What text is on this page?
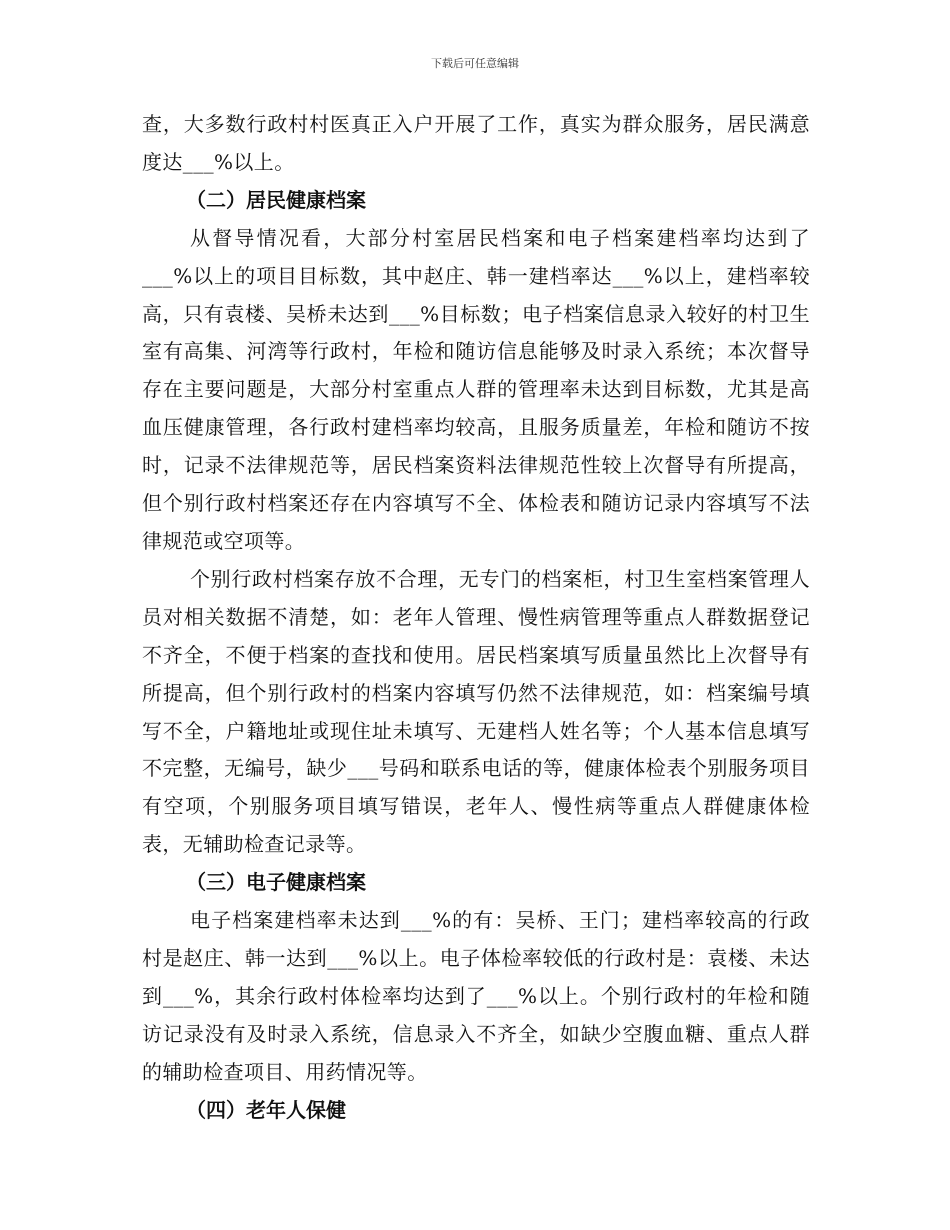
下载后可任意编辑

查，大多数行政村村医真正入户开展了工作，真实为群众服务，居民满意度达___%以上。

（二）居民健康档案

从督导情况看，大部分村室居民档案和电子档案建档率均达到了___%以上的项目目标数，其中赵庄、韩一建档率达___%以上，建档率较高，只有袁楼、吴桥未达到___%目标数；电子档案信息录入较好的村卫生室有高集、河湾等行政村，年检和随访信息能够及时录入系统；本次督导存在主要问题是，大部分村室重点人群的管理率未达到目标数，尤其是高血压健康管理，各行政村建档率均较高，且服务质量差，年检和随访不按时，记录不法律规范等，居民档案资料法律规范性较上次督导有所提高，但个别行政村档案还存在内容填写不全、体检表和随访记录内容填写不法律规范或空项等。

个别行政村档案存放不合理，无专门的档案柜，村卫生室档案管理人员对相关数据不清楚，如：老年人管理、慢性病管理等重点人群数据登记不齐全，不便于档案的查找和使用。居民档案填写质量虽然比上次督导有所提高，但个别行政村的档案内容填写仍然不法律规范，如：档案编号填写不全，户籍地址或现住址未填写、无建档人姓名等；个人基本信息填写不完整，无编号，缺少___号码和联系电话的等，健康体检表个别服务项目有空项，个别服务项目填写错误，老年人、慢性病等重点人群健康体检表，无辅助检查记录等。

（三）电子健康档案

电子档案建档率未达到___%的有：吴桥、王门；建档率较高的行政村是赵庄、韩一达到___%以上。电子体检率较低的行政村是：袁楼、未达到___%，其余行政村体检率均达到了___%以上。个别行政村的年检和随访记录没有及时录入系统，信息录入不齐全，如缺少空腹血糖、重点人群的辅助检查项目、用药情况等。

（四）老年人保健
